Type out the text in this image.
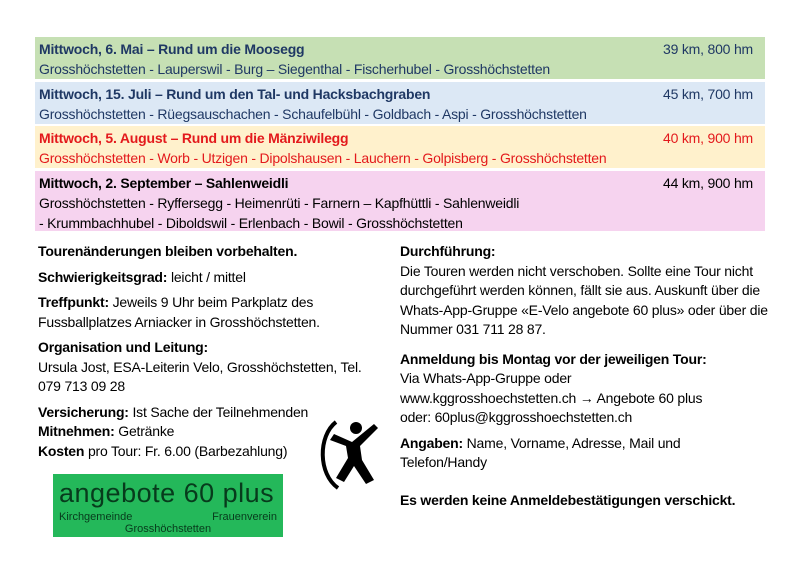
Mittwoch, 6. Mai – Rund um die Moosegg	39 km, 800 hm
Grosshöchstetten - Lauperswil - Burg – Siegenthal - Fischerhubel - Grosshöchstetten
Mittwoch, 15. Juli – Rund um den Tal- und Hacksbachgraben	45 km, 700 hm
Grosshöchstetten - Rüegsauschachen - Schaufelbühl - Goldbach - Aspi - Grosshöchstetten
Mittwoch, 5. August – Rund um die Mänziwilegg	40 km, 900 hm
Grosshöchstetten - Worb - Utzigen - Dipolshausen - Lauchern - Golpisberg - Grosshöchstetten
Mittwoch, 2. September – Sahlenweidli	44 km, 900 hm
Grosshöchstetten - Ryffersegg - Heimenrüti - Farnern – Kapfhüttli - Sahlenweidli
- Krummbachhubel - Diboldswil - Erlenbach - Bowil - Grosshöchstetten

Tourenänderungen bleiben vorbehalten.

Schwierigkeitsgrad: leicht / mittel

Treffpunkt: Jeweils 9 Uhr beim Parkplatz des Fussballplatzes Arniacker in Grosshöchstetten.

Organisation und Leitung:
Ursula Jost, ESA-Leiterin Velo, Grosshöchstetten, Tel. 079 713 09 28

Versicherung: Ist Sache der Teilnehmenden
Mitnehmen: Getränke
Kosten pro Tour: Fr. 6.00 (Barbezahlung)

Durchführung:
Die Touren werden nicht verschoben. Sollte eine Tour nicht durchgeführt werden können, fällt sie aus. Auskunft über die Whats-App-Gruppe «E-Velo angebote 60 plus» oder über die Nummer 031 711 28 87.

Anmeldung bis Montag vor der jeweiligen Tour:
Via Whats-App-Gruppe oder
www.kggrosshoechstetten.ch → Angebote 60 plus

oder: 60plus@kggrosshoechstetten.ch

Angaben: Name, Vorname, Adresse, Mail und Telefon/Handy

Es werden keine Anmeldebestätigungen verschickt.
angebote 60 plus
Kirchgemeinde	Frauenverein
Grosshöchstetten
